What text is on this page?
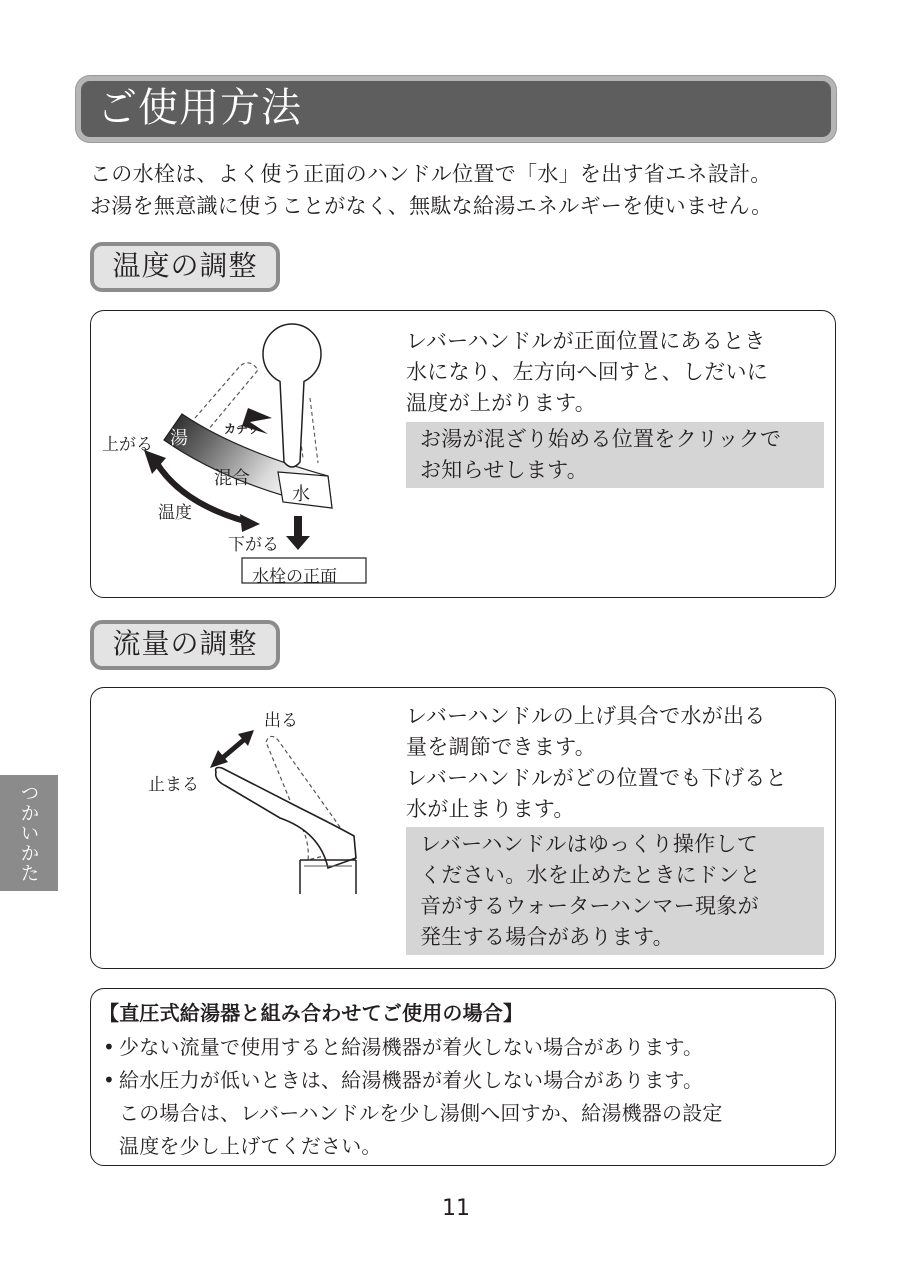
ご使用方法
この水栓は、よく使う正面のハンドル位置で「水」を出す省エネ設計。
お湯を無意識に使うことがなく、無駄な給湯エネルギーを使いません。
温度の調整
湯
混合
水
カチッ
上がる
温度
下がる
水栓の正面
レバーハンドルが正面位置にあるとき
水になり、左方向へ回すと、しだいに
温度が上がります。
お湯が混ざり始める位置をクリックで
お知らせします。
流量の調整
出る
止まる
レバーハンドルの上げ具合で水が出る
量を調節できます。
レバーハンドルがどの位置でも下げると
水が止まります。
レバーハンドルはゆっくり操作して
ください。水を止めたときにドンと
音がするウォーターハンマー現象が
発生する場合があります。
【直圧式給湯器と組み合わせてご使用の場合】
• 少ない流量で使用すると給湯機器が着火しない場合があります。
• 給水圧力が低いときは、給湯機器が着火しない場合があります。
この場合は、レバーハンドルを少し湯側へ回すか、給湯機器の設定
温度を少し上げてください。
つかいかた
11
